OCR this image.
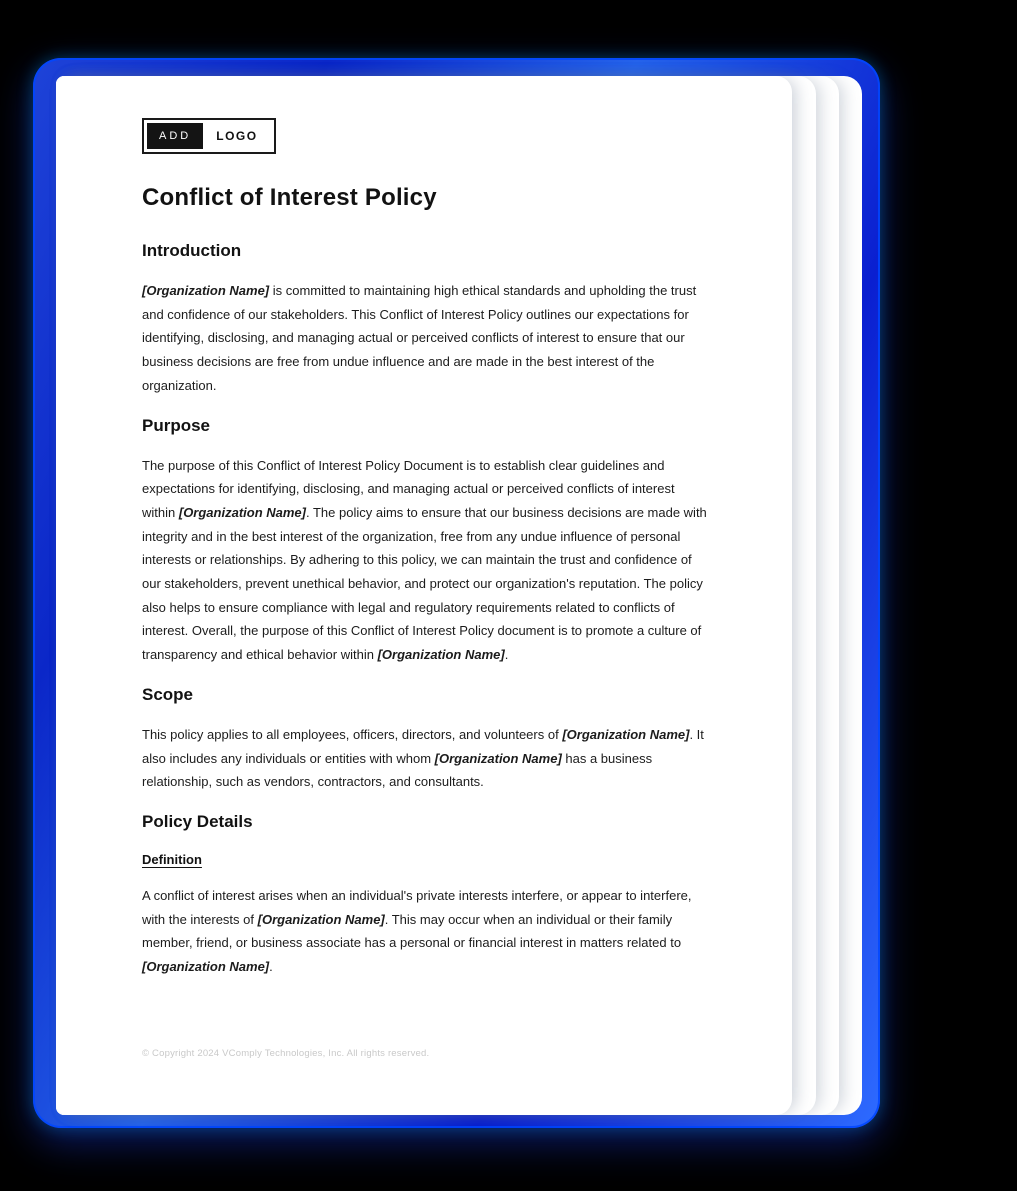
ADD	LOGO
Conflict of Interest Policy
Introduction

[Organization Name] is committed to maintaining high ethical standards and upholding the trust and confidence of our stakeholders. This Conflict of Interest Policy outlines our expectations for identifying, disclosing, and managing actual or perceived conflicts of interest to ensure that our business decisions are free from undue influence and are made in the best interest of the organization.

Purpose

The purpose of this Conflict of Interest Policy Document is to establish clear guidelines and expectations for identifying, disclosing, and managing actual or perceived conflicts of interest within [Organization Name]. The policy aims to ensure that our business decisions are made with integrity and in the best interest of the organization, free from any undue influence of personal interests or relationships. By adhering to this policy, we can maintain the trust and confidence of our stakeholders, prevent unethical behavior, and protect our organization's reputation. The policy also helps to ensure compliance with legal and regulatory requirements related to conflicts of interest. Overall, the purpose of this Conflict of Interest Policy document is to promote a culture of transparency and ethical behavior within [Organization Name].

Scope

This policy applies to all employees, officers, directors, and volunteers of [Organization Name]. It also includes any individuals or entities with whom [Organization Name] has a business relationship, such as vendors, contractors, and consultants.

Policy Details
Definition

A conflict of interest arises when an individual's private interests interfere, or appear to interfere, with the interests of [Organization Name]. This may occur when an individual or their family member, friend, or business associate has a personal or financial interest in matters related to [Organization Name].

© Copyright 2024 VComply Technologies, Inc. All rights reserved.
